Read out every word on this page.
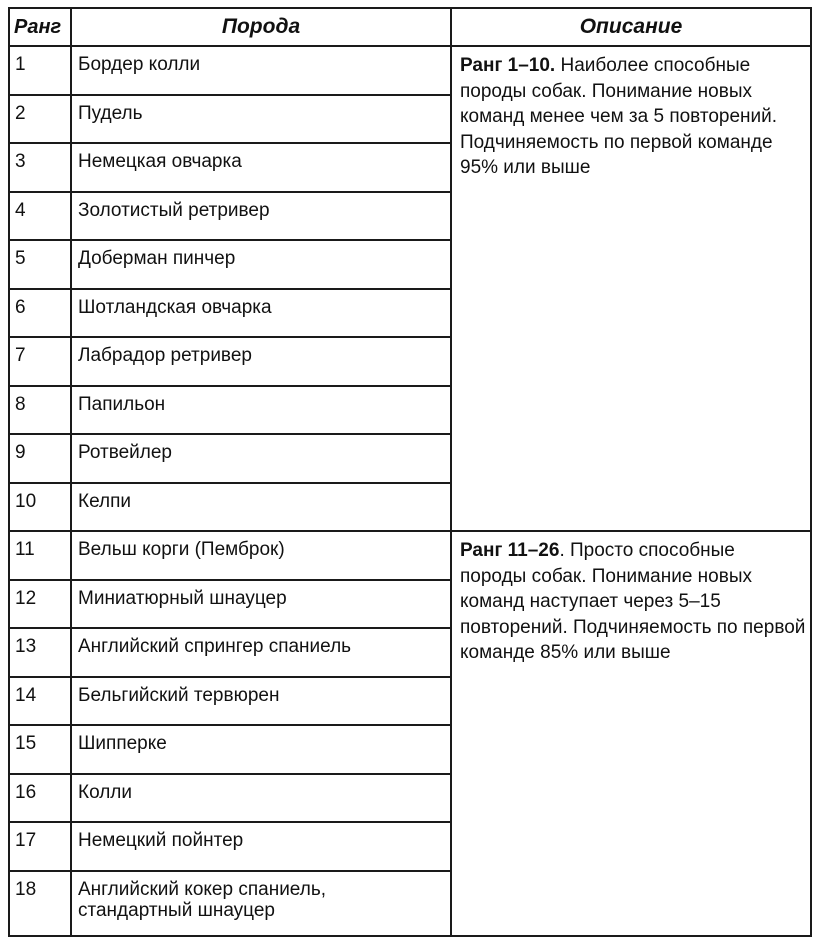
Ранг	Порода	Описание
1	Бордер колли	Ранг 1–10. Наиболее способные породы собак. Понимание новых команд менее чем за 5 повторений. Подчиняемость по первой команде 95% или выше
2	Пудель	
3	Немецкая овчарка	
4	Золотистый ретривер	
5	Доберман пинчер	
6	Шотландская овчарка	
7	Лабрадор ретривер	
8	Папильон	
9	Ротвейлер	
10	Келпи	
11	Вельш корги (Пемброк)	Ранг 11–26. Просто способные породы собак. Понимание новых команд наступает через 5–15 повторений. Подчиняемость по первой команде 85% или выше
12	Миниатюрный шнауцер	
13	Английский спрингер спаниель	
14	Бельгийский тервюрен	
15	Шипперке	
16	Колли	
17	Немецкий пойнтер	
18	Английский кокер спаниель,
стандартный шнауцер	
